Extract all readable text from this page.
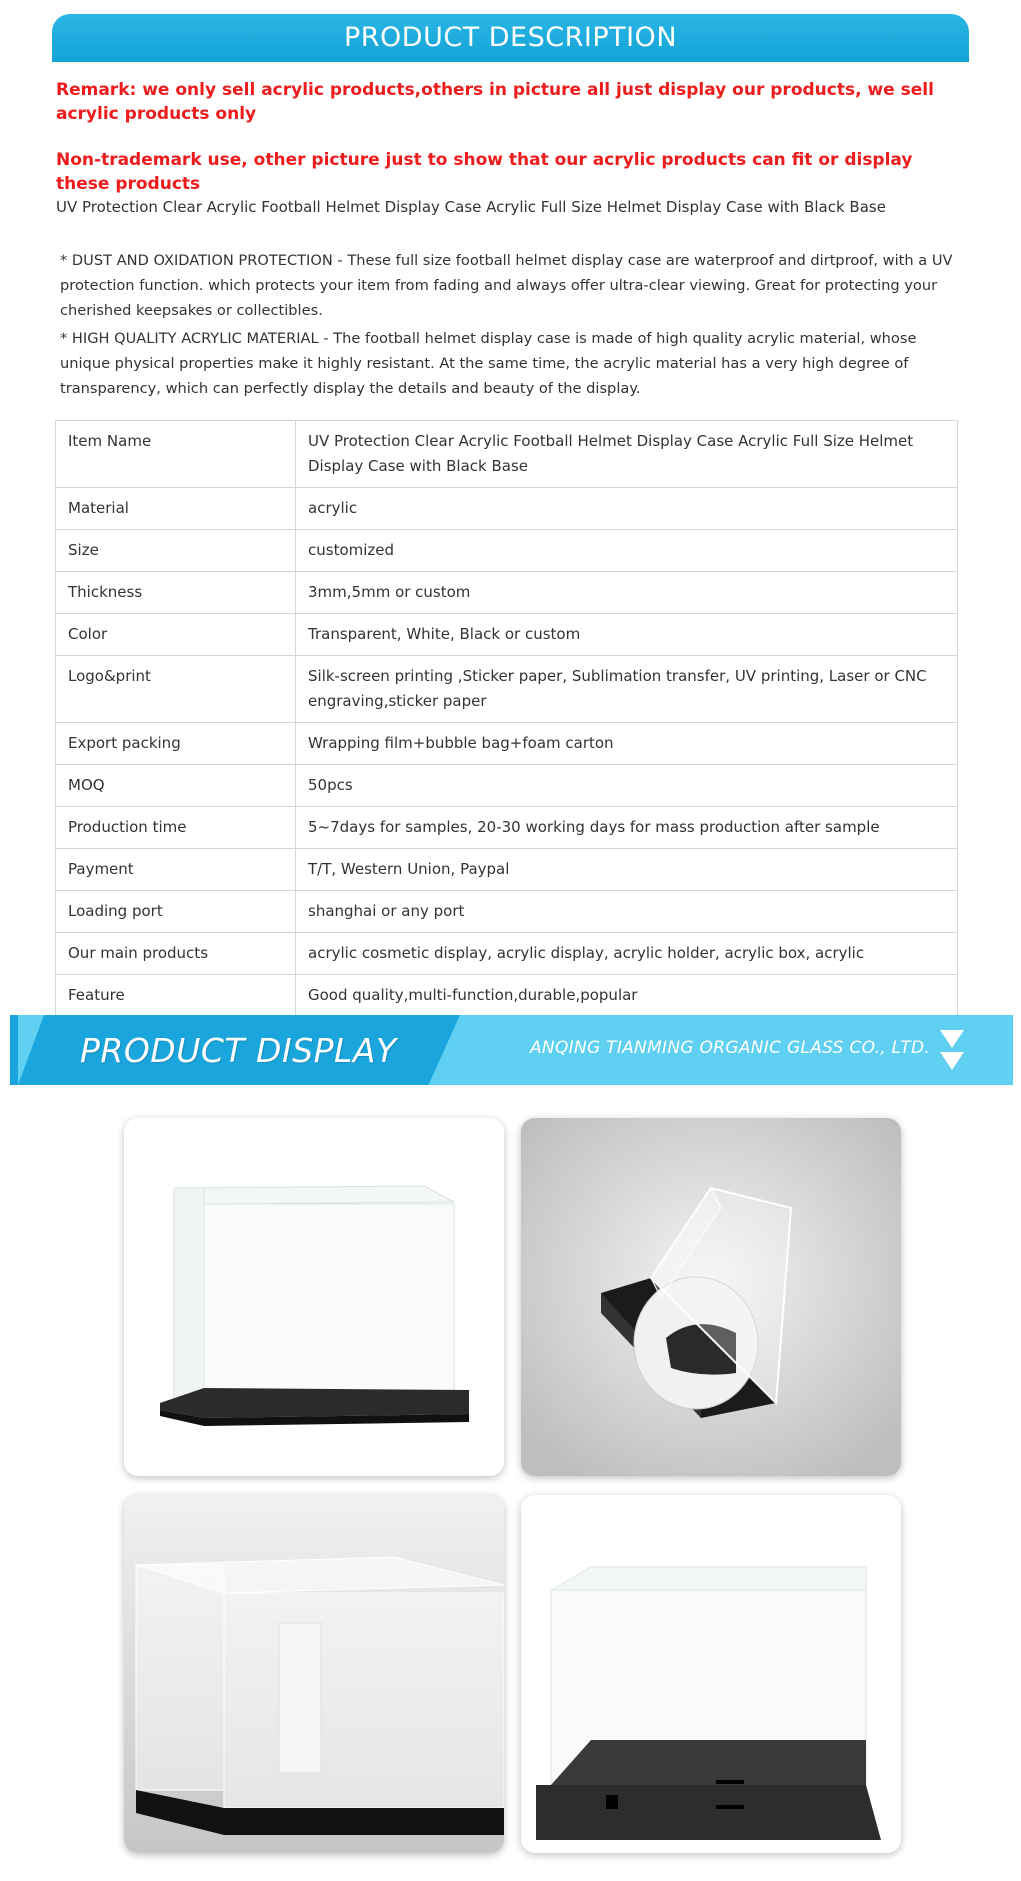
PRODUCT DESCRIPTION
Remark: we only sell acrylic products,others in picture all just display our products, we sell acrylic products only
Non-trademark use, other picture just to show that our acrylic products can fit or display these products
UV Protection Clear Acrylic Football Helmet Display Case Acrylic Full Size Helmet Display Case with Black Base
* DUST AND OXIDATION PROTECTION - These full size football helmet display case are waterproof and dirtproof, with a UV protection function. which protects your item from fading and always offer ultra-clear viewing. Great for protecting your cherished keepsakes or collectibles.
* HIGH QUALITY ACRYLIC MATERIAL - The football helmet display case is made of high quality acrylic material, whose unique physical properties make it highly resistant. At the same time, the acrylic material has a very high degree of transparency, which can perfectly display the details and beauty of the display.
Item Name	UV Protection Clear Acrylic Football Helmet Display Case Acrylic Full Size Helmet Display Case with Black Base
Material	acrylic
Size	customized
Thickness	3mm,5mm or custom
Color	Transparent, White, Black or custom
Logo&print	Silk-screen printing ,Sticker paper, Sublimation transfer, UV printing, Laser or CNC engraving,sticker paper
Export packing	Wrapping film+bubble bag+foam carton
MOQ	50pcs
Production time	5~7days for samples, 20-30 working days for mass production after sample
Payment	T/T, Western Union, Paypal
Loading port	shanghai or any port
Our main products	acrylic cosmetic display, acrylic display, acrylic holder, acrylic box, acrylic
Feature	Good quality,multi-function,durable,popular
PRODUCT DISPLAY	ANQING TIANMING ORGANIC GLASS CO., LTD.
